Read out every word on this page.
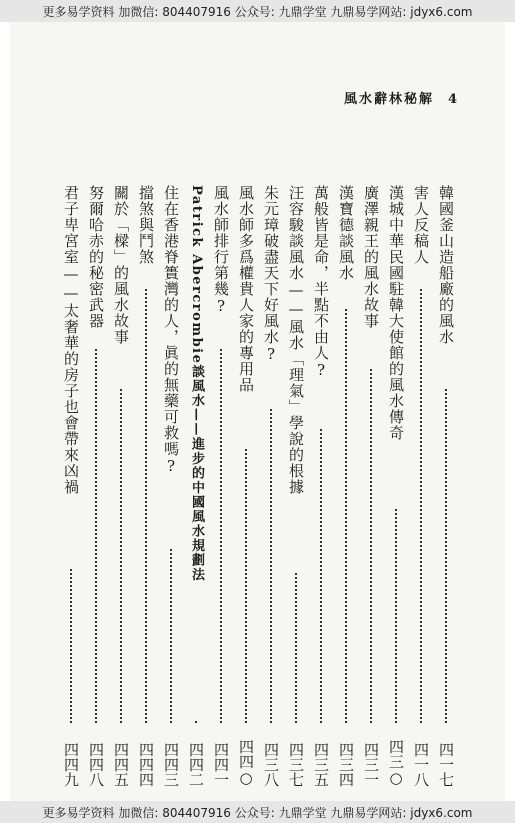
更多易学资料 加微信: 804407916 公众号: 九鼎学堂 九鼎易学网站: jdyx6.com
風水辭林秘解 4
韓國釜山造船廠的風水
四一七
害人反稿人
四一八
漢城中華民國駐韓大使館的風水傳奇
四三○
廣澤親王的風水故事
四三一
漢寶德談風水
四三四
萬般皆是命，半點不由人?
四三五
汪容駿談風水——風水「理氣」學說的根據
四三七
朱元璋破盡天下好風水?
四三八
風水師多爲權貴人家的專用品
四四○
風水師排行第幾?
四四一
Patrick Abercrombie談風水——進步的中國風水規劃法
四四二
住在香港脊簣灣的人，眞的無藥可救嗎?
四四三
擋煞與鬥煞
四四四
關於「樑」的風水故事
四四五
努爾哈赤的秘密武器
四四八
君子卑宮室——太奢華的房子也會帶來凶禍
四四九
更多易学资料 加微信: 804407916 公众号: 九鼎学堂 九鼎易学网站: jdyx6.com
